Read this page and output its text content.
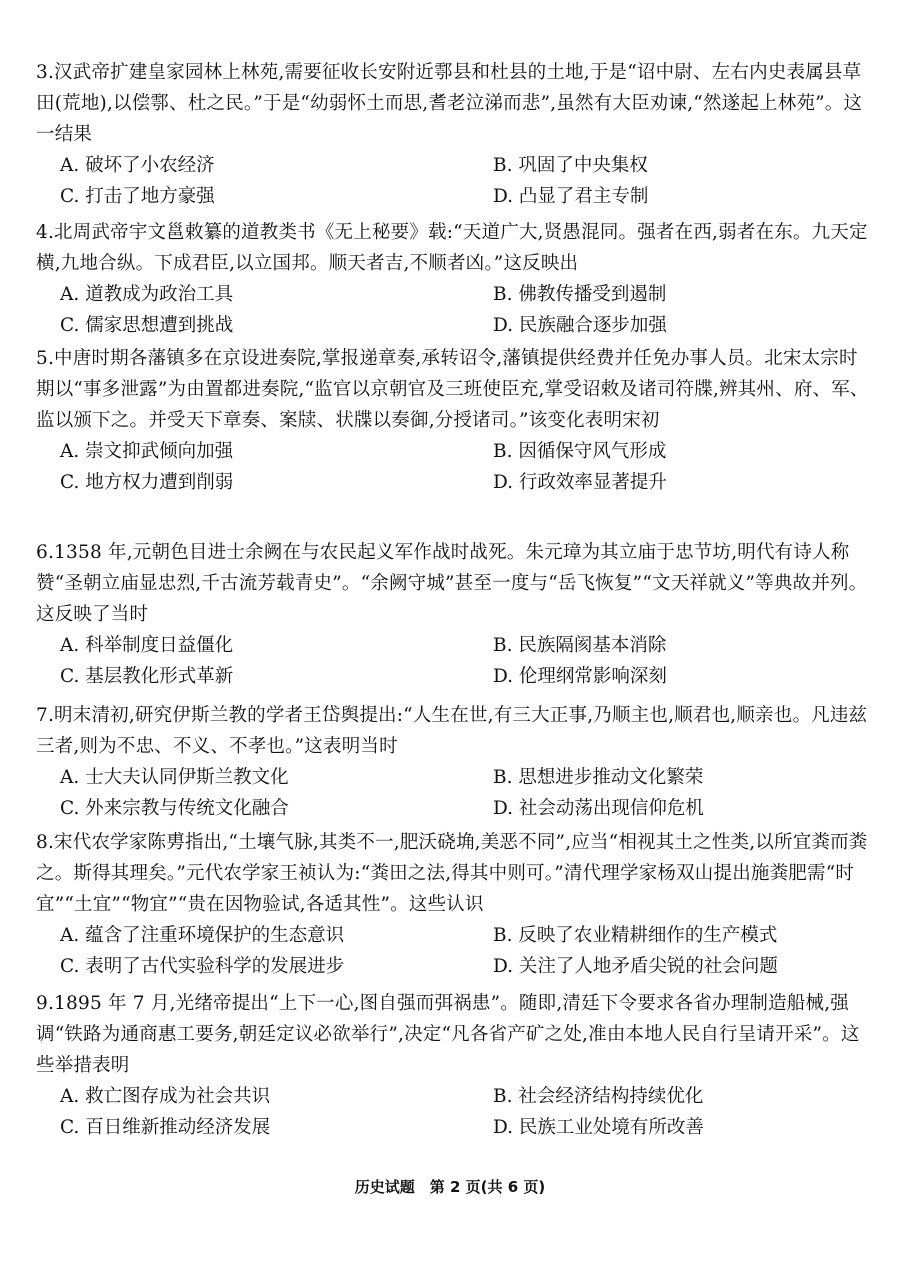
3.汉武帝扩建皇家园林上林苑,需要征收长安附近鄠县和杜县的土地,于是“诏中尉、左右内史表属县草田(荒地),以偿鄠、杜之民。”于是“幼弱怀土而思,耆老泣涕而悲”,虽然有大臣劝谏,“然遂起上林苑”。这一结果

A. 破坏了小农经济	B. 巩固了中央集权
C. 打击了地方豪强	D. 凸显了君主专制

4.北周武帝宇文邕敕纂的道教类书《无上秘要》载:“天道广大,贤愚混同。强者在西,弱者在东。九天定横,九地合纵。下成君臣,以立国邦。顺天者吉,不顺者凶。”这反映出

A. 道教成为政治工具	B. 佛教传播受到遏制
C. 儒家思想遭到挑战	D. 民族融合逐步加强

5.中唐时期各藩镇多在京设进奏院,掌报递章奏,承转诏令,藩镇提供经费并任免办事人员。北宋太宗时期以“事多泄露”为由置都进奏院,“监官以京朝官及三班使臣充,掌受诏敕及诸司符牒,辨其州、府、军、监以颁下之。并受天下章奏、案牍、状牒以奏御,分授诸司。”该变化表明宋初

A. 崇文抑武倾向加强	B. 因循保守风气形成
C. 地方权力遭到削弱	D. 行政效率显著提升

6.1358 年,元朝色目进士余阙在与农民起义军作战时战死。朱元璋为其立庙于忠节坊,明代有诗人称赞“圣朝立庙显忠烈,千古流芳载青史”。“余阙守城”甚至一度与“岳飞恢复”“文天祥就义”等典故并列。这反映了当时

A. 科举制度日益僵化	B. 民族隔阂基本消除
C. 基层教化形式革新	D. 伦理纲常影响深刻

7.明末清初,研究伊斯兰教的学者王岱舆提出:“人生在世,有三大正事,乃顺主也,顺君也,顺亲也。凡违兹三者,则为不忠、不义、不孝也。”这表明当时

A. 士大夫认同伊斯兰教文化	B. 思想进步推动文化繁荣
C. 外来宗教与传统文化融合	D. 社会动荡出现信仰危机

8.宋代农学家陈旉指出,“土壤气脉,其类不一,肥沃硗埆,美恶不同”,应当“相视其土之性类,以所宜粪而粪之。斯得其理矣。”元代农学家王祯认为:“粪田之法,得其中则可。”清代理学家杨双山提出施粪肥需“时宜”“土宜”“物宜”“贵在因物验试,各适其性”。这些认识

A. 蕴含了注重环境保护的生态意识	B. 反映了农业精耕细作的生产模式
C. 表明了古代实验科学的发展进步	D. 关注了人地矛盾尖锐的社会问题

9.1895 年 7 月,光绪帝提出“上下一心,图自强而弭祸患”。随即,清廷下令要求各省办理制造船械,强调“铁路为通商惠工要务,朝廷定议必欲举行”,决定“凡各省产矿之处,准由本地人民自行呈请开采”。这些举措表明

A. 救亡图存成为社会共识	B. 社会经济结构持续优化
C. 百日维新推动经济发展	D. 民族工业处境有所改善
历史试题　第 2 页(共 6 页)
